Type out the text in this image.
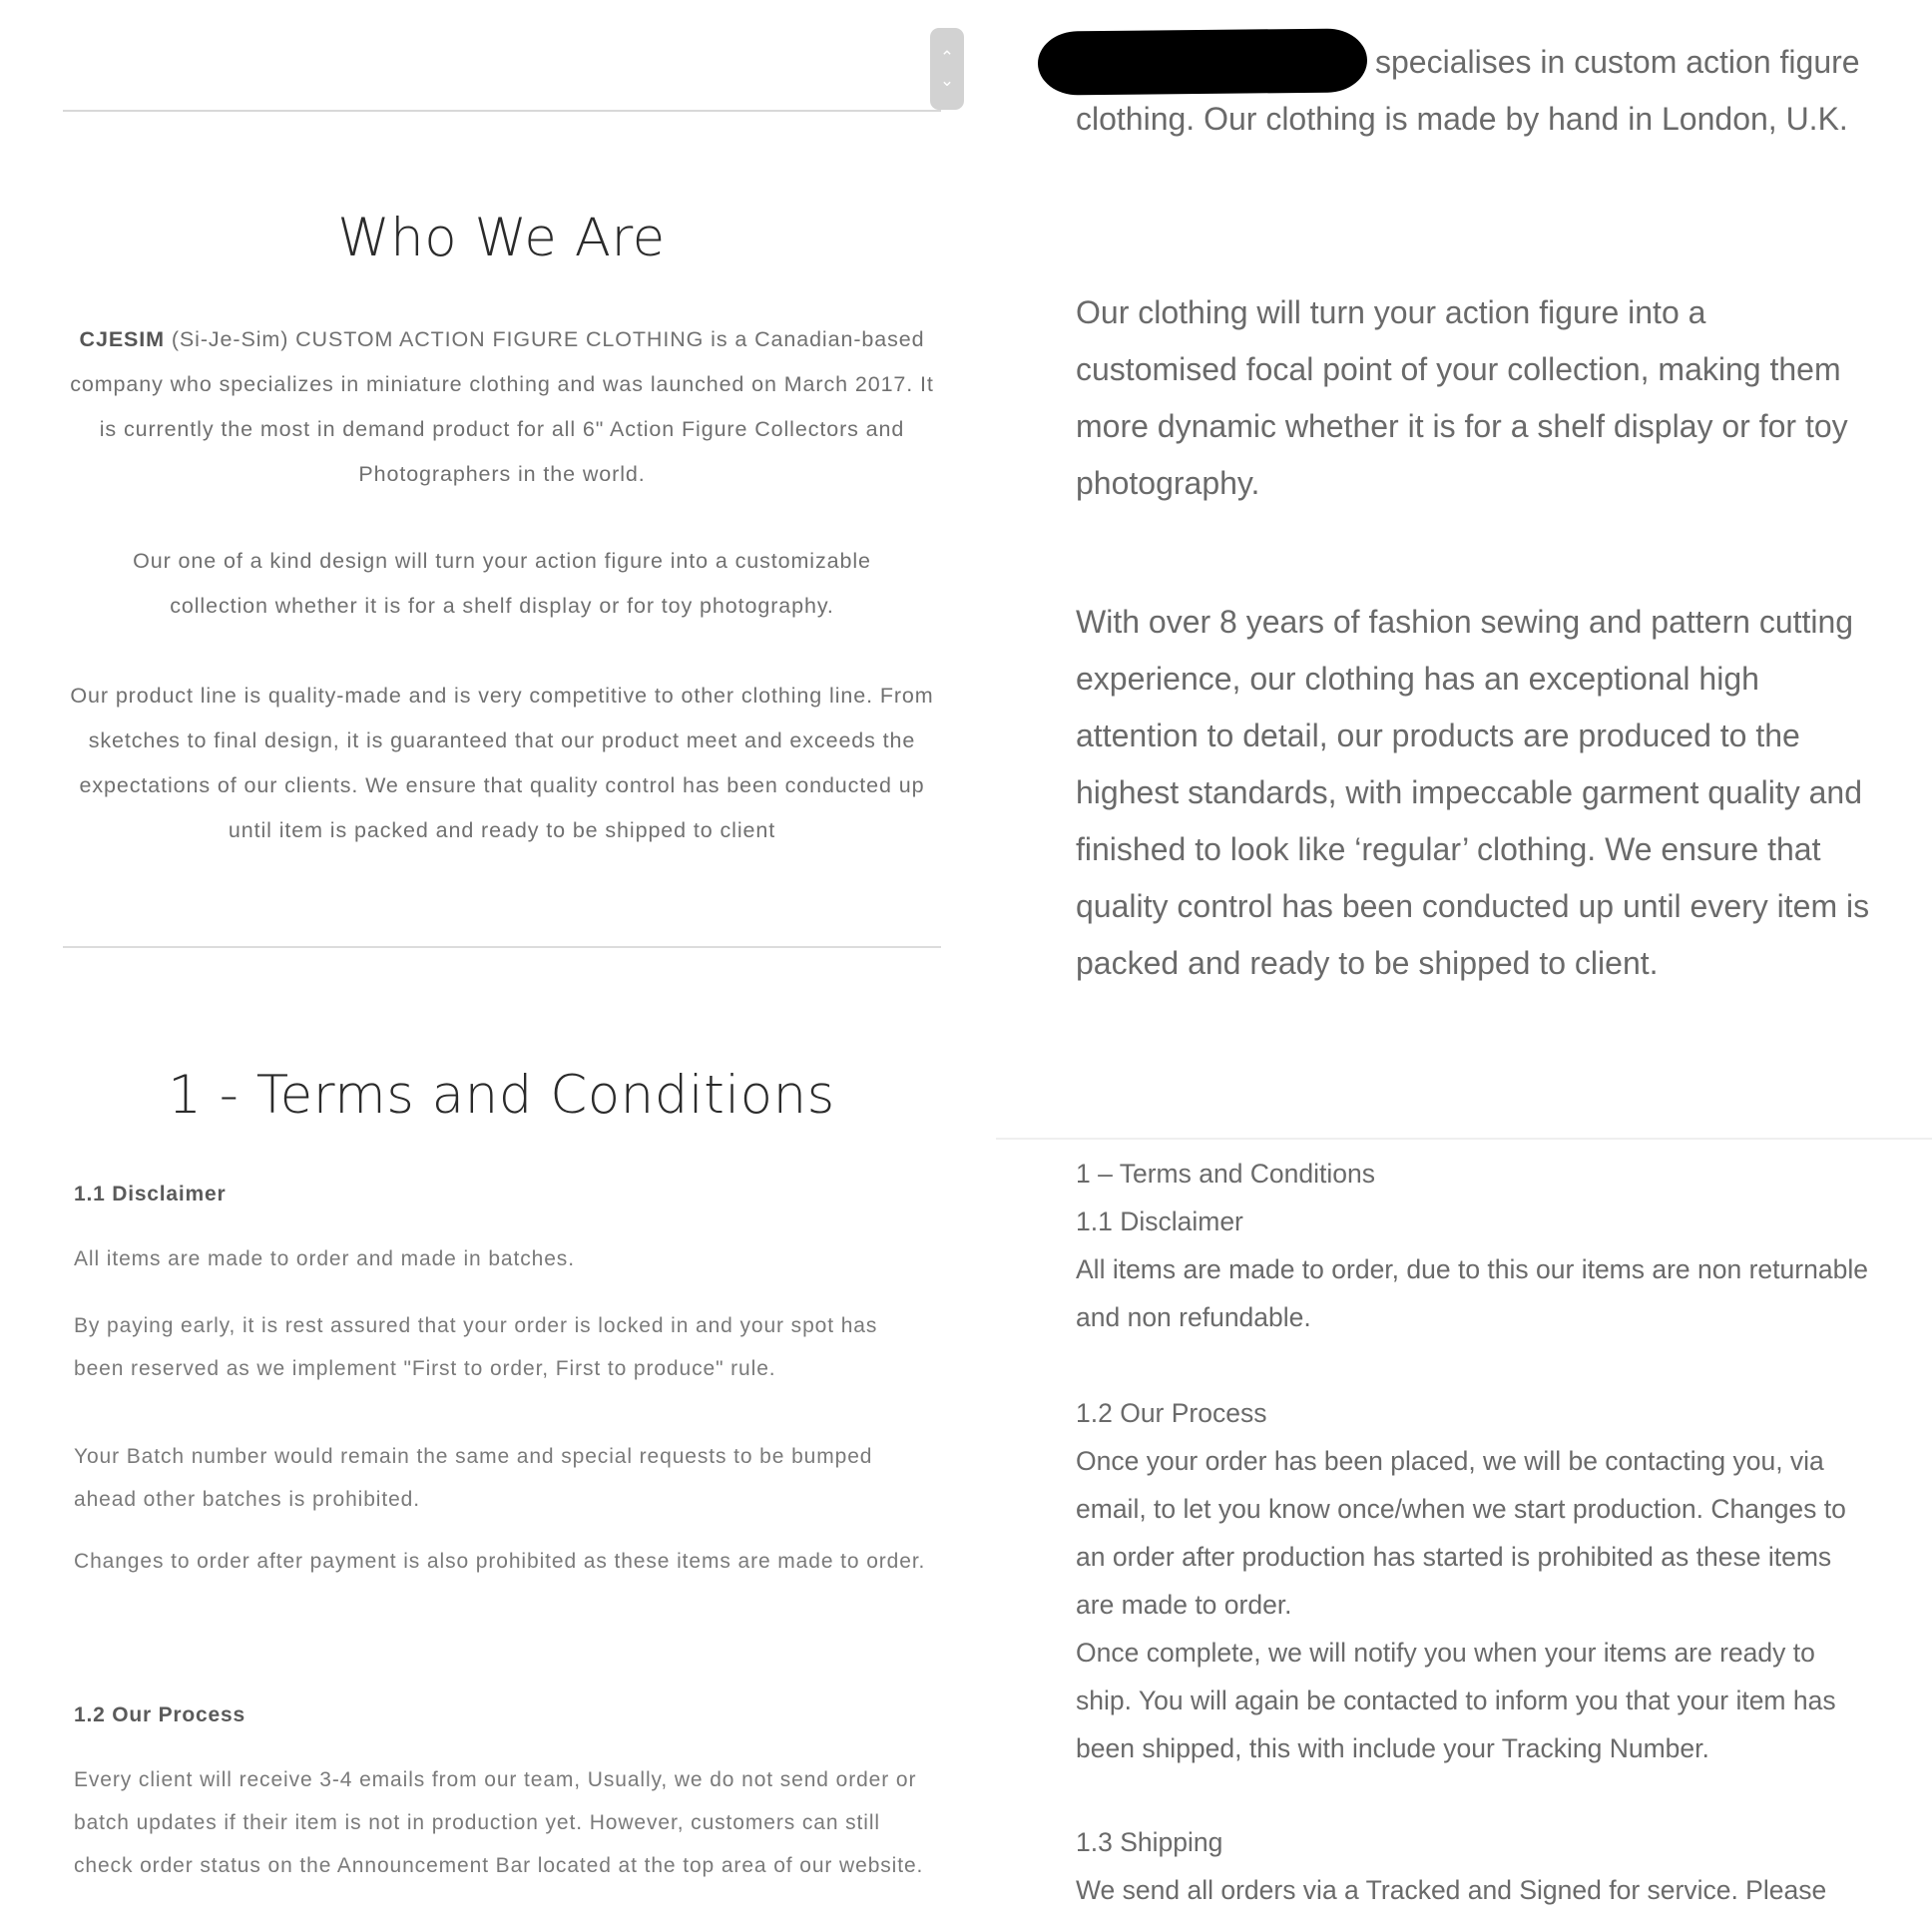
⌃
⌄
Who We Are

CJESIM (Si-Je-Sim) CUSTOM ACTION FIGURE CLOTHING is a Canadian-based company who specializes in miniature clothing and was launched on March 2017. It is currently the most in demand product for all 6" Action Figure Collectors and Photographers in the world.

Our one of a kind design will turn your action figure into a customizable collection whether it is for a shelf display or for toy photography.

Our product line is quality-made and is very competitive to other clothing line. From sketches to final design, it is guaranteed that our product meet and exceeds the expectations of our clients. We ensure that quality control has been conducted up until item is packed and ready to be shipped to client

1 - Terms and Conditions

1.1 Disclaimer

All items are made to order and made in batches.

By paying early, it is rest assured that your order is locked in and your spot has been reserved as we implement "First to order, First to produce" rule.

Your Batch number would remain the same and special requests to be bumped ahead other batches is prohibited.

Changes to order after payment is also prohibited as these items are made to order.

1.2 Our Process

Every client will receive 3-4 emails from our team, Usually, we do not send order or batch updates if their item is not in production yet. However, customers can still check order status on the Announcement Bar located at the top area of our website.

specialises in custom action figure clothing. Our clothing is made by hand in London, U.K.

Our clothing will turn your action figure into a customised focal point of your collection, making them more dynamic whether it is for a shelf display or for toy photography.

With over 8 years of fashion sewing and pattern cutting experience, our clothing has an exceptional high attention to detail, our products are produced to the highest standards, with impeccable garment quality and finished to look like ‘regular’ clothing. We ensure that quality control has been conducted up until every item is packed and ready to be shipped to client.

1 – Terms and Conditions

1.1 Disclaimer

All items are made to order, due to this our items are non returnable and non refundable.

1.2 Our Process

Once your order has been placed, we will be contacting you, via email, to let you know once/when we start production. Changes to an order after production has started is prohibited as these items are made to order.

Once complete, we will notify you when your items are ready to ship. You will again be contacted to inform you that your item has been shipped, this with include your Tracking Number.

1.3 Shipping

We send all orders via a Tracked and Signed for service. Please
